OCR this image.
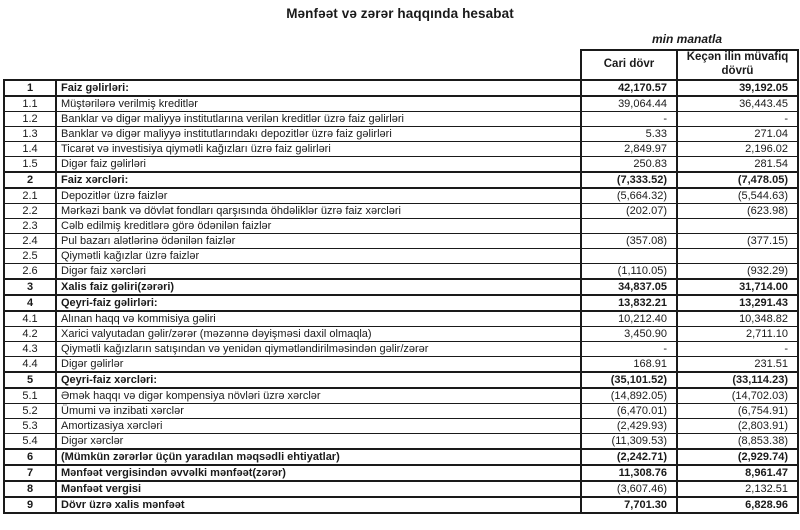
Mənfəət və zərər haqqında hesabat
min manatla
		Cari dövr	Keçən ilin müvafiq dövrü
1	Faiz gəlirləri:	42,170.57	39,192.05
1.1	Müştərilərə verilmiş kreditlər	39,064.44	36,443.45
1.2	Banklar və digər maliyyə institutlarına verilən kreditlər üzrə faiz gəlirləri	-	-
1.3	Banklar və digər maliyyə institutlarındakı depozitlər üzrə faiz gəlirləri	5.33	271.04
1.4	Ticarət və investisiya qiymətli kağızları üzrə faiz gəlirləri	2,849.97	2,196.02
1.5	Digər faiz gəlirləri	250.83	281.54
2	Faiz xərcləri:	(7,333.52)	(7,478.05)
2.1	Depozitlər üzrə faizlər	(5,664.32)	(5,544.63)
2.2	Mərkəzi bank və dövlət fondları qarşısında öhdəliklər üzrə faiz xərcləri	(202.07)	(623.98)
2.3	Cəlb edilmiş kreditlərə görə ödənilən faizlər		
2.4	Pul bazarı alətlərinə ödənilən faizlər	(357.08)	(377.15)
2.5	Qiymətli kağızlar üzrə faizlər		
2.6	Digər faiz xərcləri	(1,110.05)	(932.29)
3	Xalis faiz gəliri(zərəri)	34,837.05	31,714.00
4	Qeyri-faiz gəlirləri:	13,832.21	13,291.43
4.1	Alınan haqq və kommisiya gəliri	10,212.40	10,348.82
4.2	Xarici valyutadan gəlir/zərər (məzənnə dəyişməsi daxil olmaqla)	3,450.90	2,711.10
4.3	Qiymətli kağızların satışından və yenidən qiymətləndirilməsindən gəlir/zərər	-	-
4.4	Digər gəlirlər	168.91	231.51
5	Qeyri-faiz xərcləri:	(35,101.52)	(33,114.23)
5.1	Əmək haqqı və digər kompensiya növləri üzrə xərclər	(14,892.05)	(14,702.03)
5.2	Ümumi və inzibati xərclər	(6,470.01)	(6,754.91)
5.3	Amortizasiya xərcləri	(2,429.93)	(2,803.91)
5.4	Digər xərclər	(11,309.53)	(8,853.38)
6	(Mümkün zərərlər üçün yaradılan məqsədli ehtiyatlar)	(2,242.71)	(2,929.74)
7	Mənfəət vergisindən əvvəlki mənfəət(zərər)	11,308.76	8,961.47
8	Mənfəət vergisi	(3,607.46)	2,132.51
9	Dövr üzrə xalis mənfəət	7,701.30	6,828.96
